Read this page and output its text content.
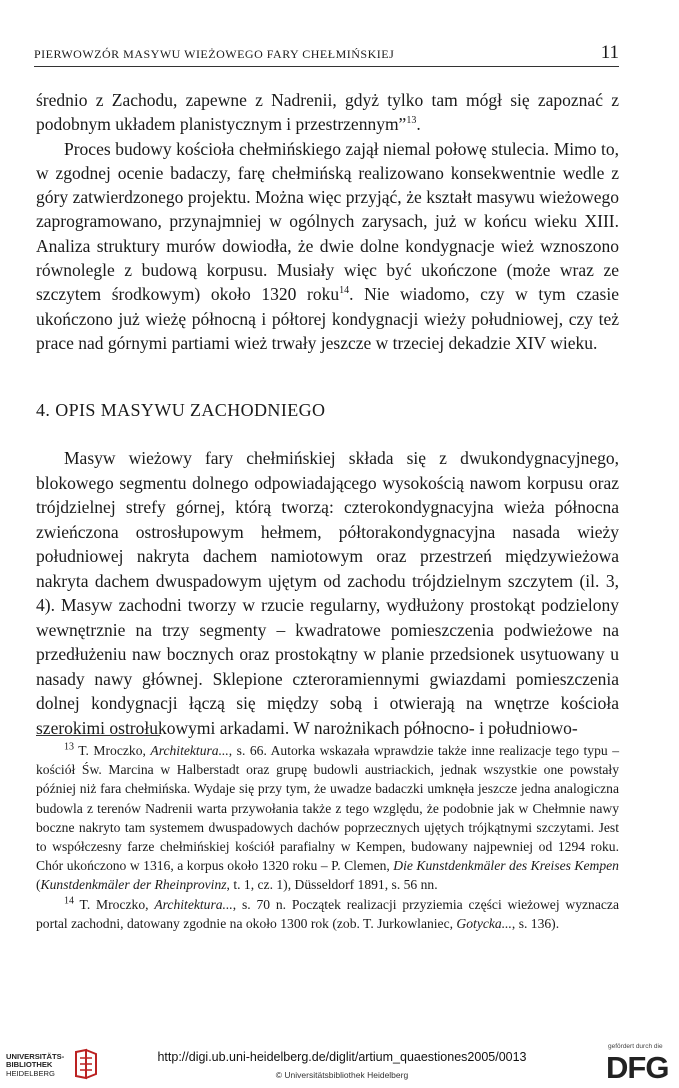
PIERWOWZÓR MASYWU WIEŻOWEGO FARY CHEŁMIŃSKIEJ	11

średnio z Zachodu, zapewne z Nadrenii, gdyż tylko tam mógł się zapoznać z podobnym układem planistycznym i przestrzennym”$^{13}$.

Proces budowy kościoła chełmińskiego zajął niemal połowę stulecia. Mimo to, w zgodnej ocenie badaczy, farę chełmińską realizowano konsekwentnie wedle z góry zatwierdzonego projektu. Można więc przyjąć, że kształt masywu wieżowego zaprogramowano, przynajmniej w ogólnych zarysach, już w końcu wieku XIII. Analiza struktury murów dowiodła, że dwie dolne kondygnacje wież wznoszono równolegle z budową korpusu. Musiały więc być ukończone (może wraz ze szczytem środkowym) około 1320 roku$^{14}$. Nie wiadomo, czy w tym czasie ukończono już wieżę północną i półtorej kondygnacji wieży południowej, czy też prace nad górnymi partiami wież trwały jeszcze w trzeciej dekadzie XIV wieku.

4. OPIS MASYWU ZACHODNIEGO

Masyw wieżowy fary chełmińskiej składa się z dwukondygnacyjnego, blokowego segmentu dolnego odpowiadającego wysokością nawom korpusu oraz trójdzielnej strefy górnej, którą tworzą: czterokondygnacyjna wieża północna zwieńczona ostrosłupowym hełmem, półtorakondygnacyjna nasada wieży południowej nakryta dachem namiotowym oraz przestrzeń międzywieżowa nakryta dachem dwuspadowym ujętym od zachodu trójdzielnym szczytem (il. 3, 4). Masyw zachodni tworzy w rzucie regularny, wydłużony prostokąt podzielony wewnętrznie na trzy segmenty – kwadratowe pomieszczenia podwieżowe na przedłużeniu naw bocznych oraz prostokątny w planie przedsionek usytuowany u nasady nawy głównej. Sklepione czteroramiennymi gwiazdami pomieszczenia dolnej kondygnacji łączą się między sobą i otwierają na wnętrze kościoła szerokimi ostrołukowymi arkadami. W narożnikach północno- i południowo-

$^{13}$ T. Mroczko, Architektura..., s. 66. Autorka wskazała wprawdzie także inne realizacje tego typu – kościół Św. Marcina w Halberstadt oraz grupę budowli austriackich, jednak wszystkie one powstały później niż fara chełmińska. Wydaje się przy tym, że uwadze badaczki umknęła jeszcze jedna analogiczna budowla z terenów Nadrenii warta przywołania także z tego względu, że podobnie jak w Chełmnie nawy boczne nakryto tam systemem dwuspadowych dachów poprzecznych ujętych trójkątnymi szczytami. Jest to współczesny farze chełmińskiej kościół parafialny w Kempen, budowany najpewniej od 1294 roku. Chór ukończono w 1316, a korpus około 1320 roku – P. Clemen, Die Kunstdenkmäler des Kreises Kempen (Kunstdenkmäler der Rheinprovinz, t. 1, cz. 1), Düsseldorf 1891, s. 56 nn.

$^{14}$ T. Mroczko, Architektura..., s. 70 n. Początek realizacji przyziemia części wieżowej wyznacza portal zachodni, datowany zgodnie na około 1300 rok (zob. T. Jurkowlaniec, Gotycka..., s. 136).

UNIVERSITÄTS-
BIBLIOTHEK
HEIDELBERG
http://digi.ub.uni-heidelberg.de/diglit/artium_quaestiones2005/0013
© Universitätsbibliothek Heidelberg
gefördert durch die
DFG
